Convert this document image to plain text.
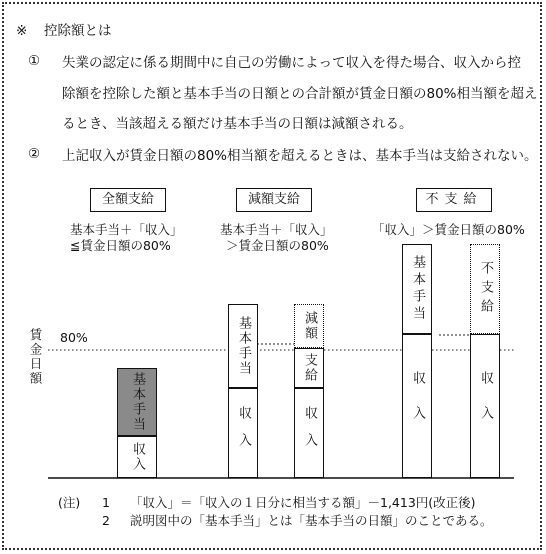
※ 控除額とは
① 失業の認定に係る期間中に自己の労働によって収入を得た場合、収入から控
除額を控除した額と基本手当の日額との合計額が賃金日額の80%相当額を超え
るとき、当該超える額だけ基本手当の日額は減額される。
② 上記収入が賃金日額の80%相当額を超えるときは、基本手当は支給されない。
全額支給	減額支給	不支給
基本手当＋「収入」
≦賃金日額の80%
基本手当＋「収入」
＞賃金日額の80%
「収入」＞賃金日額の80%
賃金日額 80%
基本手当
収入
基本手当
収入
減額
支給
収入
基本手当
収入
不支給
収入
(注) 1 「収入」＝「収入の１日分に相当する額」－1,413円(改正後)
2 説明図中の「基本手当」とは「基本手当の日額」のことである。
